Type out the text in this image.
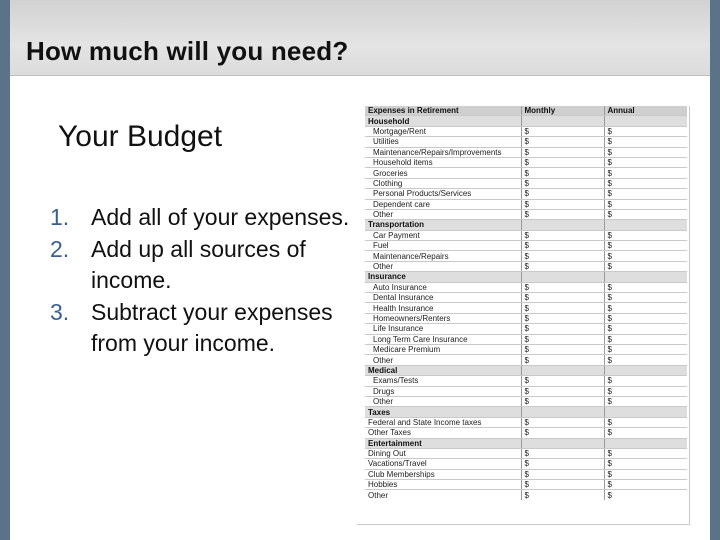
How much will you need?
Your Budget
1. Add all of your expenses.
2. Add up all sources of income.
3. Subtract your expenses from your income.
Expenses in Retirement	Monthly	Annual
Household		
Mortgage/Rent	$	$
Utilities	$	$
Maintenance/Repairs/Improvements	$	$
Household items	$	$
Groceries	$	$
Clothing	$	$
Personal Products/Services	$	$
Dependent care	$	$
Other	$	$
Transportation		
Car Payment	$	$
Fuel	$	$
Maintenance/Repairs	$	$
Other	$	$
Insurance		
Auto Insurance	$	$
Dental Insurance	$	$
Health Insurance	$	$
Homeowners/Renters	$	$
Life Insurance	$	$
Long Term Care Insurance	$	$
Medicare Premium	$	$
Other	$	$
Medical		
Exams/Tests	$	$
Drugs	$	$
Other	$	$
Taxes		
Federal and State Income taxes	$	$
Other Taxes	$	$
Entertainment		
Dining Out	$	$
Vacations/Travel	$	$
Club Memberships	$	$
Hobbies	$	$
Other	$	$
